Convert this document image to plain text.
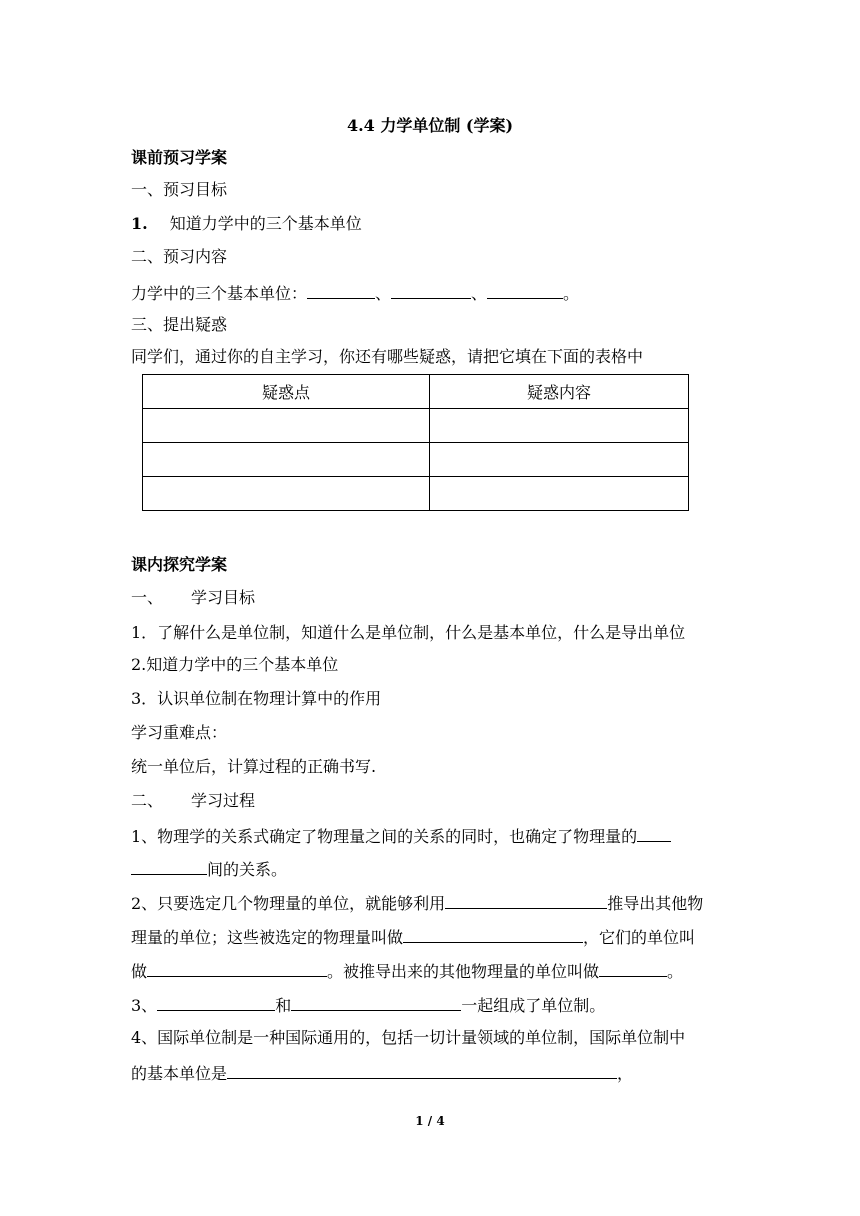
4.4 力学单位制 (学案)
课前预习学案
一、预习目标
1. 知道力学中的三个基本单位
二、预习内容
力学中的三个基本单位：	、	、	。
三、提出疑惑
同学们，通过你的自主学习，你还有哪些疑惑，请把它填在下面的表格中
疑惑点	疑惑内容

课内探究学案
一、 学习目标
1．了解什么是单位制，知道什么是单位制，什么是基本单位，什么是导出单位
2.知道力学中的三个基本单位
3．认识单位制在物理计算中的作用
学习重难点：
统一单位后，计算过程的正确书写.
二、 学习过程
1、物理学的关系式确定了物理量之间的关系的同时，也确定了物理量的
间的关系。
2、只要选定几个物理量的单位，就能够利用	推导出其他物
理量的单位；这些被选定的物理量叫做	，它们的单位叫
做	。被推导出来的其他物理量的单位叫做	。
3、	和	一起组成了单位制。
4、国际单位制是一种国际通用的，包括一切计量领域的单位制，国际单位制中
的基本单位是	，
1 / 4
